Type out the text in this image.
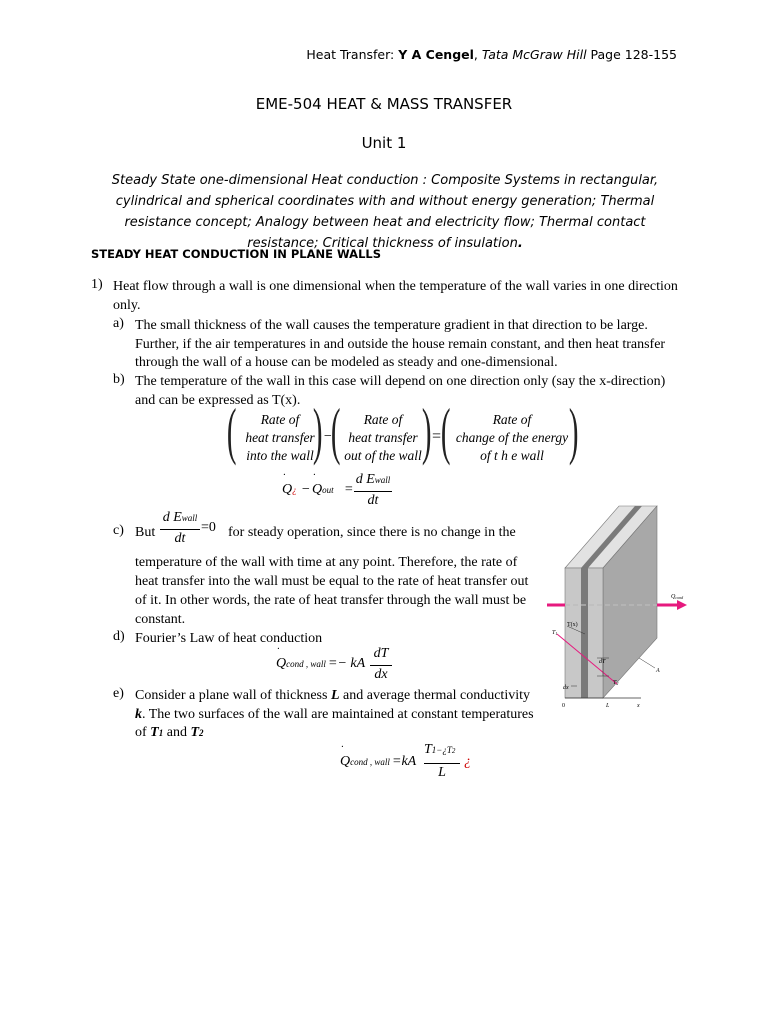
Heat Transfer: Y A Cengel, Tata McGraw Hill Page 128-155
EME-504 HEAT & MASS TRANSFER
Unit 1
Steady State one-dimensional Heat conduction : Composite Systems in rectangular, cylindrical and spherical coordinates with and without energy generation; Thermal resistance concept; Analogy between heat and electricity flow; Thermal contact resistance; Critical thickness of insulation.
STEADY HEAT CONDUCTION IN PLANE WALLS
1) Heat flow through a wall is one dimensional when the temperature of the wall varies in one direction
only.
a) The small thickness of the wall causes the temperature gradient in that direction to be large.
Further, if the air temperatures in and outside the house remain constant, and then heat transfer
through the wall of a house can be modeled as steady and one-dimensional.
b) The temperature of the wall in this case will depend on one direction only (say the x-direction)
and can be expressed as T(x).
(	Rate of
heat transfer
into the wall ) −
(	Rate of
heat transfer
out of the wall ) = (	Rate of
change of the energy
of t h e wall )
Q¿
·
− Qout
·
=
d Ewall
dt
c) But
d Ewall
dt
=0 for steady operation, since there is no change in the
temperature of the wall with time at any point. Therefore, the rate of
heat transfer into the wall must be equal to the rate of heat transfer out
of it. In other words, the rate of heat transfer through the wall must be
constant.
d) Fourier’s Law of heat conduction
Qcond , wall
·
=− kA
dT
dx
e) Consider a plane wall of thickness L and average thermal conductivity
k. The two surfaces of the wall are maintained at constant temperatures
of T1 and T2
Qcond , wall
·
=kA
T1−¿T2
L
¿
Qcond
T(x)
T1
T2
dT
A
dx
0	L	x
